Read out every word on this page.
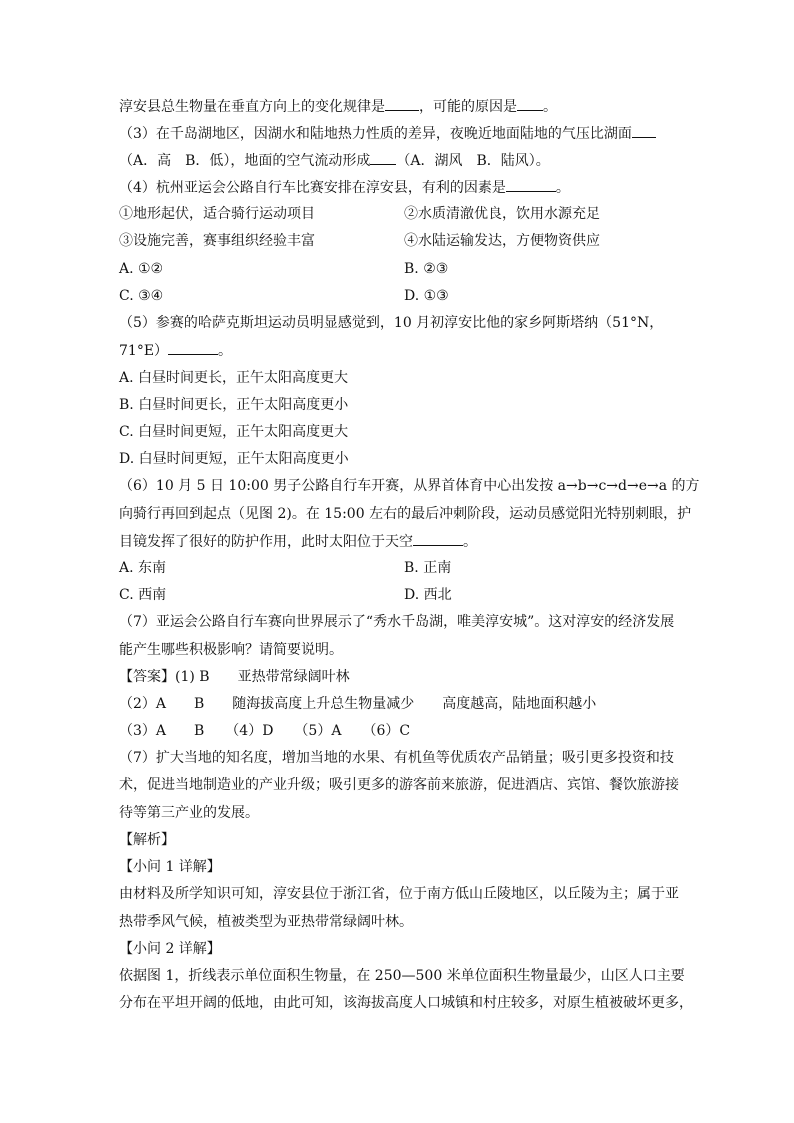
淳安县总生物量在垂直方向上的变化规律是 ，可能的原因是 。
（3）在千岛湖地区，因湖水和陆地热力性质的差异，夜晚近地面陆地的气压比湖面
（A．高　B．低），地面的空气流动形成 （A．湖风　B．陆风）。
（4）杭州亚运会公路自行车比赛安排在淳安县，有利的因素是	。
①地形起伏，适合骑行运动项目	②水质清澈优良，饮用水源充足
③设施完善，赛事组织经验丰富	④水陆运输发达，方便物资供应
A. ①②	B. ②③
C. ③④	D. ①③
（5）参赛的哈萨克斯坦运动员明显感觉到，10 月初淳安比他的家乡阿斯塔纳（51°N，
71°E）	。
A. 白昼时间更长，正午太阳高度更大
B. 白昼时间更长，正午太阳高度更小
C. 白昼时间更短，正午太阳高度更大
D. 白昼时间更短，正午太阳高度更小
（6）10 月 5 日 10:00 男子公路自行车开赛，从界首体育中心出发按 a→b→c→d→e→a 的方
向骑行再回到起点（见图 2)。在 15:00 左右的最后冲刺阶段，运动员感觉阳光特别刺眼，护
目镜发挥了很好的防护作用，此时太阳位于天空	。
A. 东南	B. 正南
C. 西南	D. 西北
（7）亚运会公路自行车赛向世界展示了“秀水千岛湖，唯美淳安城”。这对淳安的经济发展
能产生哪些积极影响？请简要说明。
【答案】(1) B　　亚热带常绿阔叶林
（2）A　　B　　随海拔高度上升总生物量减少　　高度越高，陆地面积越小
（3）A　　B　　（4）D　　（5）A　　（6）C
（7）扩大当地的知名度，增加当地的水果、有机鱼等优质农产品销量；吸引更多投资和技
术，促进当地制造业的产业升级；吸引更多的游客前来旅游，促进酒店、宾馆、餐饮旅游接
待等第三产业的发展。
【解析】
【小问 1 详解】
由材料及所学知识可知，淳安县位于浙江省，位于南方低山丘陵地区，以丘陵为主；属于亚
热带季风气候，植被类型为亚热带常绿阔叶林。
【小问 2 详解】
依据图 1，折线表示单位面积生物量，在 250—500 米单位面积生物量最少，山区人口主要
分布在平坦开阔的低地，由此可知，该海拔高度人口城镇和村庄较多，对原生植被破坏更多，
